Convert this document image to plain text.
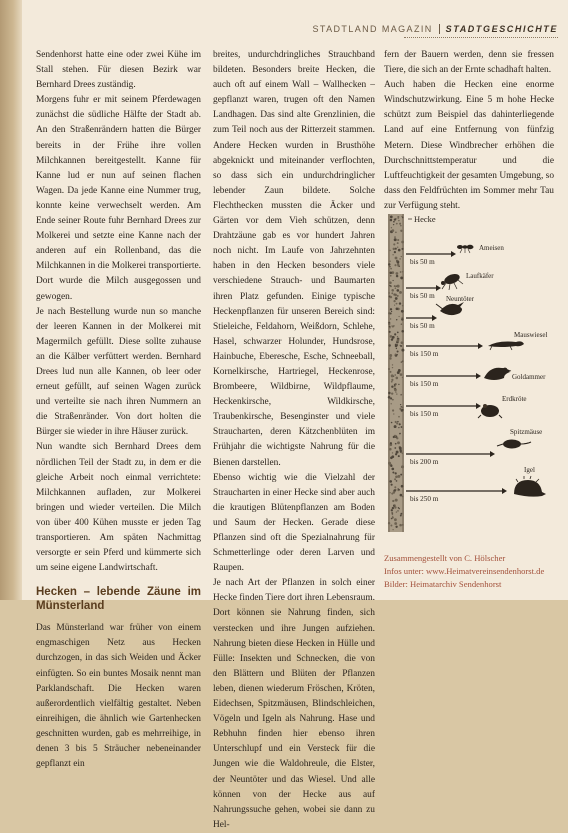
STADTLAND MAGAZIN STADTGESCHICHTE

Sendenhorst hatte eine oder zwei Kühe im Stall stehen. Für diesen Bezirk war Bernhard Drees zuständig.

Morgens fuhr er mit seinem Pferdewagen zunächst die südliche Hälfte der Stadt ab. An den Straßenrändern hatten die Bürger bereits in der Frühe ihre vollen Milchkannen bereitgestellt. Kanne für Kanne lud er nun auf seinen flachen Wagen. Da jede Kanne eine Nummer trug, konnte keine verwechselt werden. Am Ende seiner Route fuhr Bernhard Drees zur Molkerei und setzte eine Kanne nach der anderen auf ein Rollenband, das die Milchkannen in die Molkerei transportierte. Dort wurde die Milch ausgegossen und gewogen.

Je nach Bestellung wurde nun so manche der leeren Kannen in der Molkerei mit Magermilch gefüllt. Diese sollte zuhause an die Kälber verfüttert werden. Bernhard Drees lud nun alle Kannen, ob leer oder erneut gefüllt, auf seinen Wagen zurück und verteilte sie nach ihren Nummern an die Straßenränder. Von dort holten die Bürger sie wieder in ihre Häuser zurück.

Nun wandte sich Bernhard Drees dem nördlichen Teil der Stadt zu, in dem er die gleiche Arbeit noch einmal verrichtete: Milchkannen aufladen, zur Molkerei bringen und wieder verteilen. Die Milch von über 400 Kühen musste er jeden Tag transportieren. Am späten Nachmittag versorgte er sein Pferd und kümmerte sich um seine eigene Landwirtschaft.

Hecken – lebende Zäune im Münsterland

Das Münsterland war früher von einem engmaschigen Netz aus Hecken durchzogen, in das sich Weiden und Äcker einfügten. So ein buntes Mosaik nennt man Parklandschaft. Die Hecken waren außerordentlich vielfältig gestaltet. Neben einreihigen, die ähnlich wie Gartenhecken geschnitten wurden, gab es mehrreihige, in denen 3 bis 5 Sträucher nebeneinander gepflanzt ein

breites, undurchdringliches Strauchband bildeten. Besonders breite Hecken, die auch oft auf einem Wall – Wallhecken – gepflanzt waren, trugen oft den Namen Landhagen. Das sind alte Grenzlinien, die zum Teil noch aus der Ritterzeit stammen. Andere Hecken wurden in Brusthöhe abgeknickt und miteinander verflochten, so dass sich ein undurchdringlicher lebender Zaun bildete. Solche Flechthecken mussten die Äcker und Gärten vor dem Vieh schützen, denn Drahtzäune gab es vor hundert Jahren noch nicht. Im Laufe von Jahrzehnten haben in den Hecken besonders viele verschiedene Strauch- und Baumarten ihren Platz gefunden. Einige typische Heckenpflanzen für unseren Bereich sind: Stieleiche, Feldahorn, Weißdorn, Schlehe, Hasel, schwarzer Holunder, Hundsrose, Hainbuche, Eberesche, Esche, Schneeball, Kornelkirsche, Hartriegel, Heckenrose, Brombeere, Wildbirne, Wildpflaume, Heckenkirsche, Wildkirsche, Traubenkirsche, Besenginster und viele Straucharten, deren Kätzchenblüten im Frühjahr die wichtigste Nahrung für die Bienen darstellen.

Ebenso wichtig wie die Vielzahl der Straucharten in einer Hecke sind aber auch die krautigen Blütenpflanzen am Boden und Saum der Hecken. Gerade diese Pflanzen sind oft die Spezialnahrung für Schmetterlinge oder deren Larven und Raupen.

Je nach Art der Pflanzen in solch einer Hecke finden Tiere dort ihren Lebensraum. Dort können sie Nahrung finden, sich verstecken und ihre Jungen aufziehen. Nahrung bieten diese Hecken in Hülle und Fülle: Insekten und Schnecken, die von den Blättern und Blüten der Pflanzen leben, dienen wiederum Fröschen, Kröten, Eidechsen, Spitzmäusen, Blindschleichen, Vögeln und Igeln als Nahrung. Hase und Rebhuhn finden hier ebenso ihren Unterschlupf und ein Versteck für die Jungen wie die Waldohreule, die Elster, der Neuntöter und das Wiesel. Und alle können von der Hecke aus auf Nahrungssuche gehen, wobei sie dann zu Hel-

fern der Bauern werden, denn sie fressen Tiere, die sich an der Ernte schadhaft halten.

Auch haben die Hecken eine enorme Windschutzwirkung. Eine 5 m hohe Hecke schützt zum Beispiel das dahinterliegende Land auf eine Entfernung von fünfzig Metern. Diese Windbrecher erhöhen die Durchschnittstemperatur und die Luftfeuchtigkeit der gesamten Umgebung, so dass den Feldfrüchten im Sommer mehr Tau zur Verfügung steht.

Hecke
bis 50 m
Ameisen
bis 50 m
Laufkäfer
bis 50 m
Neuntöter
bis 150 m
Mauswiesel
bis 150 m
Goldammer
bis 150 m
Erdkröte
bis 200 m
Spitzmäuse
bis 250 m
Igel
Zusammengestellt von C. Hölscher
Infos unter: www.Heimatvereinsendenhorst.de
Bilder: Heimatarchiv Sendenhorst
